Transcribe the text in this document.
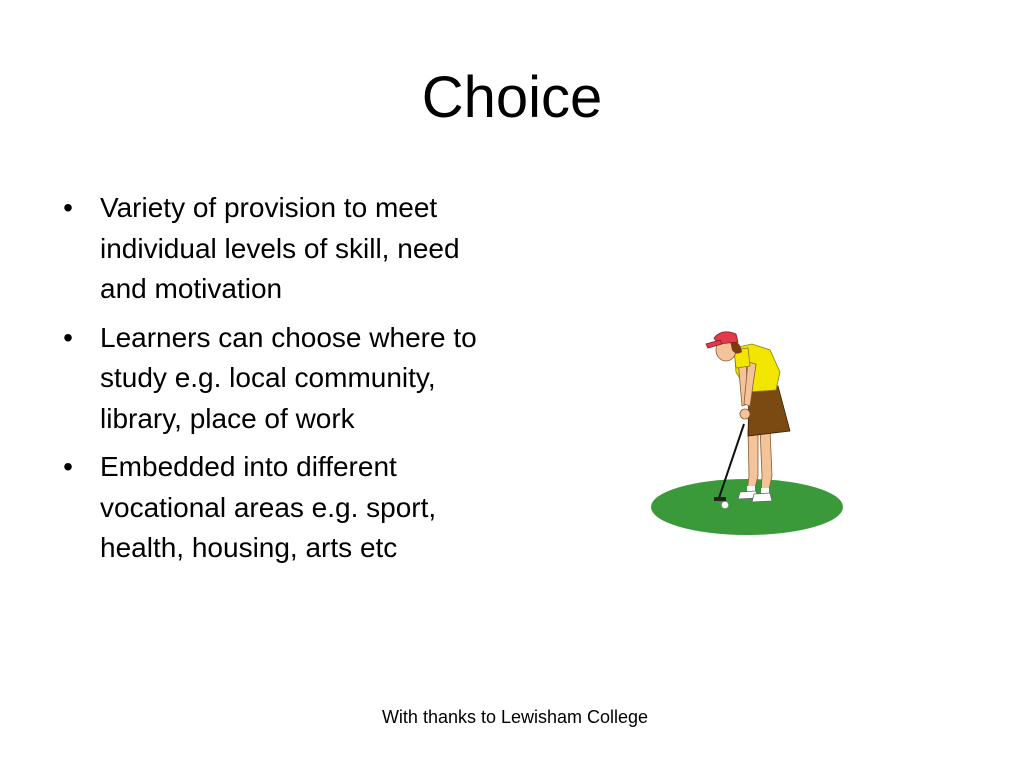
Choice
• Variety of provision to meet individual levels of skill, need and motivation
• Learners can choose where to study e.g. local community, library, place of work
• Embedded into different vocational areas e.g. sport, health, housing, arts etc
With thanks to Lewisham College
